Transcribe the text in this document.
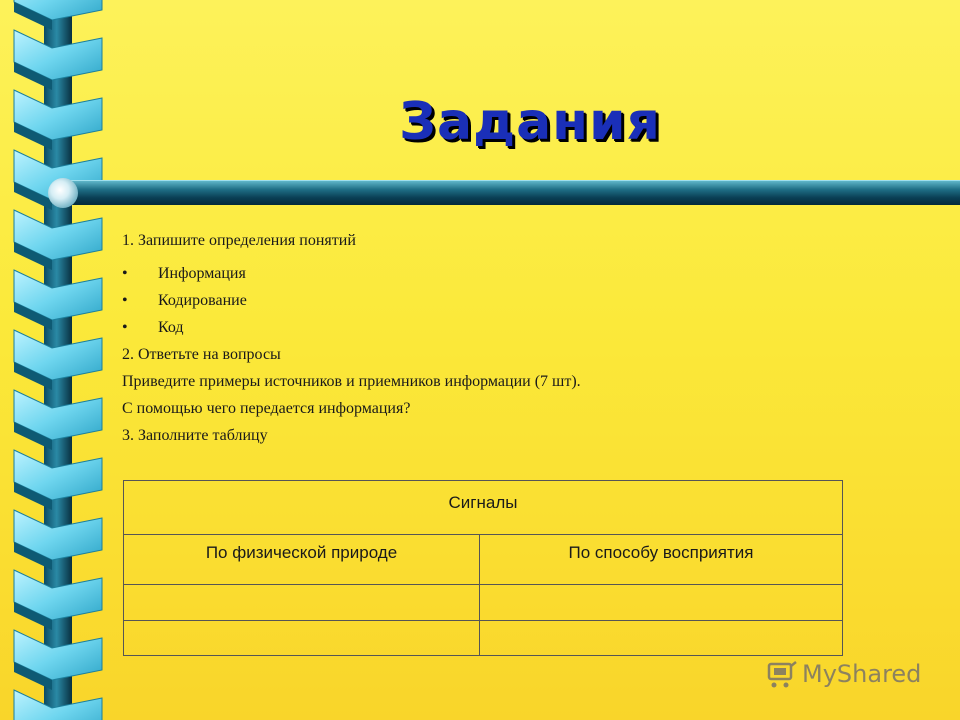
Задания
1. Запишите определения понятий
• Информация
• Кодирование
• Код
2. Ответьте на вопросы
Приведите примеры источников и приемников информации (7 шт).
С помощью чего передается информация?
3. Заполните таблицу
Сигналы
По физической природе	По способу восприятия
MyShared
